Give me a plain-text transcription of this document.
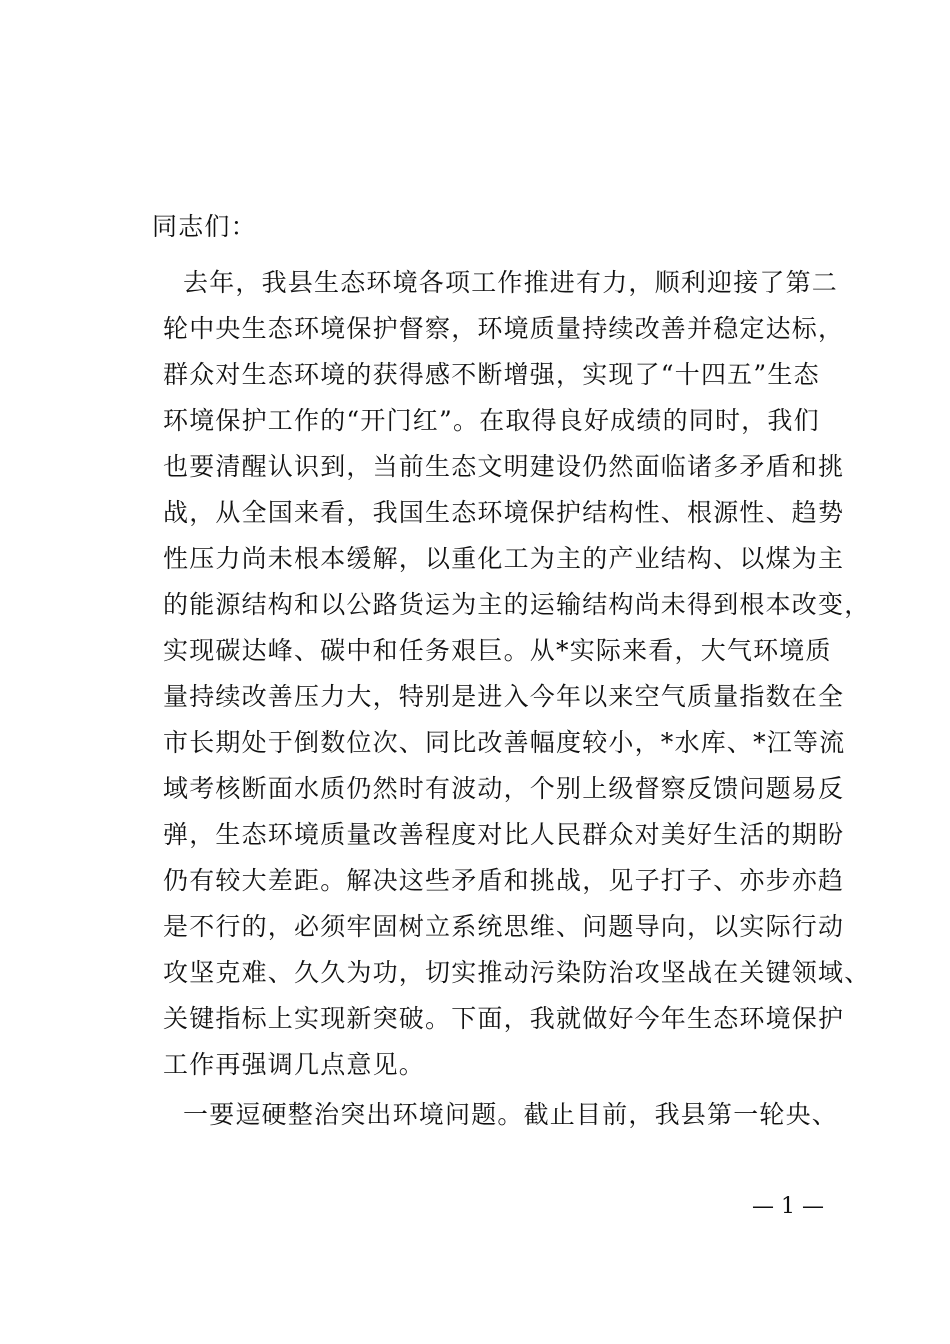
同志们：
去年，我县生态环境各项工作推进有力，顺利迎接了第二
轮中央生态环境保护督察，环境质量持续改善并稳定达标，
群众对生态环境的获得感不断增强，实现了“十四五”生态
环境保护工作的“开门红”。在取得良好成绩的同时，我们
也要清醒认识到，当前生态文明建设仍然面临诸多矛盾和挑
战，从全国来看，我国生态环境保护结构性、根源性、趋势
性压力尚未根本缓解，以重化工为主的产业结构、以煤为主
的能源结构和以公路货运为主的运输结构尚未得到根本改变，
实现碳达峰、碳中和任务艰巨。从*实际来看，大气环境质
量持续改善压力大，特别是进入今年以来空气质量指数在全
市长期处于倒数位次、同比改善幅度较小，*水库、*江等流
域考核断面水质仍然时有波动，个别上级督察反馈问题易反
弹，生态环境质量改善程度对比人民群众对美好生活的期盼
仍有较大差距。解决这些矛盾和挑战，见子打子、亦步亦趋
是不行的，必须牢固树立系统思维、问题导向，以实际行动
攻坚克难、久久为功，切实推动污染防治攻坚战在关键领域、
关键指标上实现新突破。下面，我就做好今年生态环境保护
工作再强调几点意见。
一要逗硬整治突出环境问题。截止目前，我县第一轮央、
— 1 —
